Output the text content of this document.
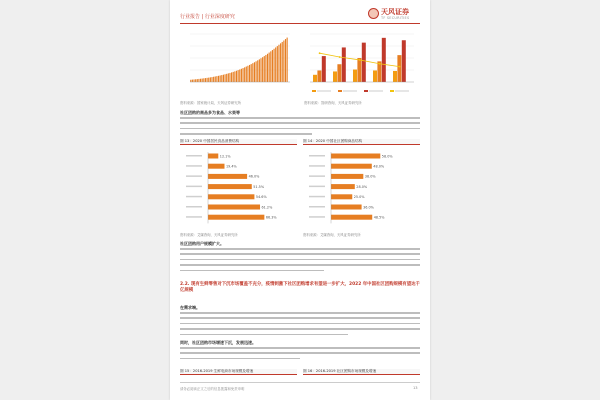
行业报告 | 行业深度研究
天风证券
TF SECURITIES
资料来源：国家统计局，天风证券研究所	资料来源：智研咨询，天风证券研究所
社区团购的商品多为食品、水果等
图 13：2020 中国居民食品消费结构	图 14：2020 中国社区团购商品结构
12.1%
19.4%
46.0%
51.5%
54.6%
61.2%
66.3%
资料来源：艾媒咨询，天风证券研究所
58.0%
48.0%
38.0%
28.0%
25.0%
36.0%
48.5%
资料来源：艾媒咨询，天风证券研究所
社区团购用户规模扩大。
2.2. 现有生鲜零售对下沉市场覆盖不充分，疫情刺激下社区团购增求有望进一步扩大，2022 年中国社区团购规模有望达千亿规模
在需求端。
同时，社区团购市场增速下沉，发展迅速。
图 15：2016-2019 生鲜电商市场规模及增速	图 16：2016-2019 社区团购市场规模及增速
请务必阅读正文之后的信息披露和免责申明	13
